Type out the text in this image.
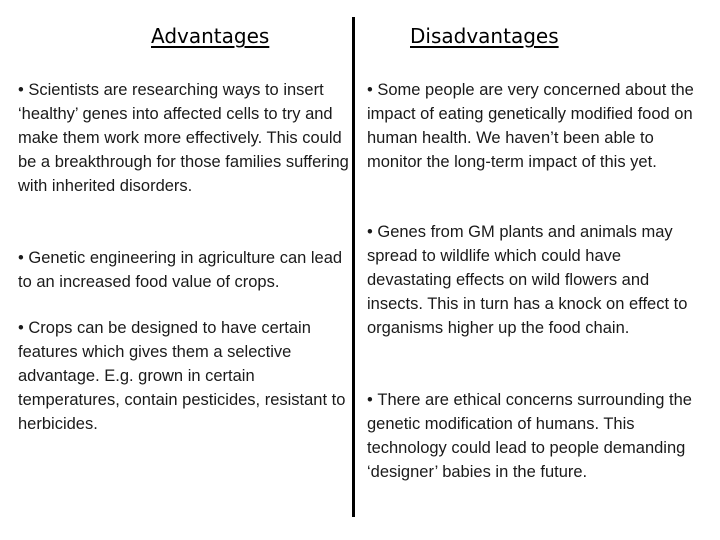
Advantages	Disadvantages
• Scientists are researching ways to insert ‘healthy’ genes into affected cells to try and make them work more effectively. This could be a breakthrough for those families suffering with inherited disorders.
• Genetic engineering in agriculture can lead to an increased food value of crops.
• Crops can be designed to have certain features which gives them a selective advantage. E.g. grown in certain temperatures, contain pesticides, resistant to herbicides.
• Some people are very concerned about the impact of eating genetically modified food on human health. We haven’t been able to monitor the long-term impact of this yet.
• Genes from GM plants and animals may spread to wildlife which could have devastating effects on wild flowers and insects. This in turn has a knock on effect to organisms higher up the food chain.
• There are ethical concerns surrounding the genetic modification of humans. This technology could lead to people demanding ‘designer’ babies in the future.
